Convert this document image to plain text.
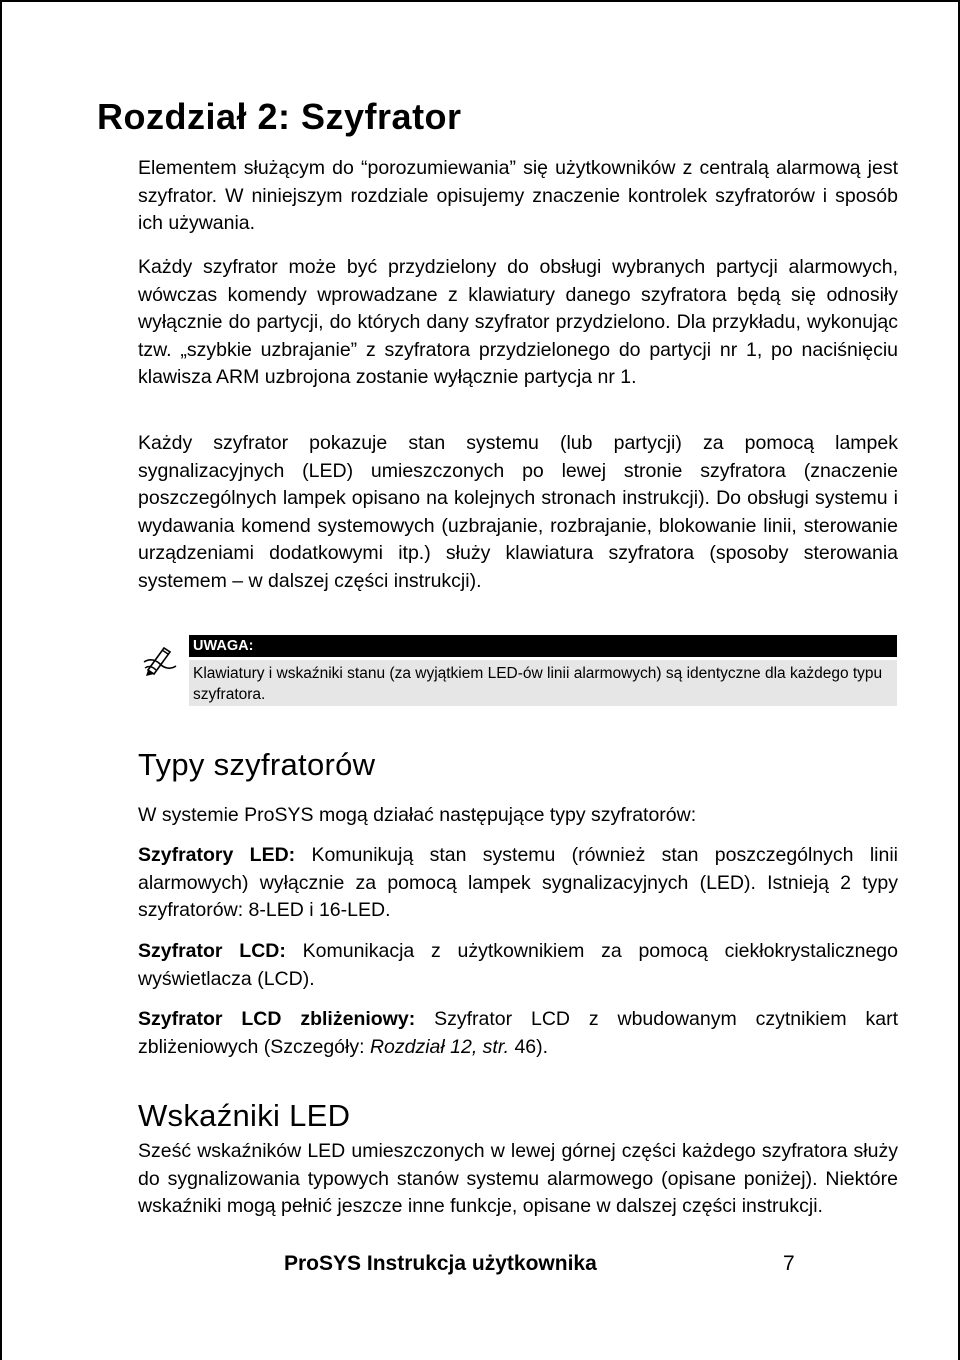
Rozdział 2: Szyfrator

Elementem służącym do “porozumiewania” się użytkowników z centralą alarmową jest szyfrator. W niniejszym rozdziale opisujemy znaczenie kontrolek szyfratorów i sposób ich używania.

Każdy szyfrator może być przydzielony do obsługi wybranych partycji alarmowych, wówczas komendy wprowadzane z klawiatury danego szyfratora będą się odnosiły wyłącznie do partycji, do których dany szyfrator przydzielono. Dla przykładu, wykonując tzw. „szybkie uzbrajanie” z szyfratora przydzielonego do partycji nr 1, po naciśnięciu klawisza ARM uzbrojona zostanie wyłącznie partycja nr 1.

Każdy szyfrator pokazuje stan systemu (lub partycji) za pomocą lampek sygnalizacyjnych (LED) umieszczonych po lewej stronie szyfratora (znaczenie poszczególnych lampek opisano na kolejnych stronach instrukcji). Do obsługi systemu i wydawania komend systemowych (uzbrajanie, rozbrajanie, blokowanie linii, sterowanie urządzeniami dodatkowymi itp.) służy klawiatura szyfratora (sposoby sterowania systemem – w dalszej części instrukcji).

UWAGA:
Klawiatury i wskaźniki stanu (za wyjątkiem LED-ów linii alarmowych) są identyczne dla każdego typu szyfratora.
Typy szyfratorów

W systemie ProSYS mogą działać następujące typy szyfratorów:

Szyfratory LED: Komunikują stan systemu (również stan poszczególnych linii alarmowych) wyłącznie za pomocą lampek sygnalizacyjnych (LED). Istnieją 2 typy szyfratorów: 8-LED i 16-LED.

Szyfrator LCD: Komunikacja z użytkownikiem za pomocą ciekłokrystalicznego wyświetlacza (LCD).

Szyfrator LCD zbliżeniowy: Szyfrator LCD z wbudowanym czytnikiem kart zbliżeniowych (Szczegóły: Rozdział 12, str. 46).

Wskaźniki LED

Sześć wskaźników LED umieszczonych w lewej górnej części każdego szyfratora służy do sygnalizowania typowych stanów systemu alarmowego (opisane poniżej). Niektóre wskaźniki mogą pełnić jeszcze inne funkcje, opisane w dalszej części instrukcji.

ProSYS Instrukcja użytkownika	7
